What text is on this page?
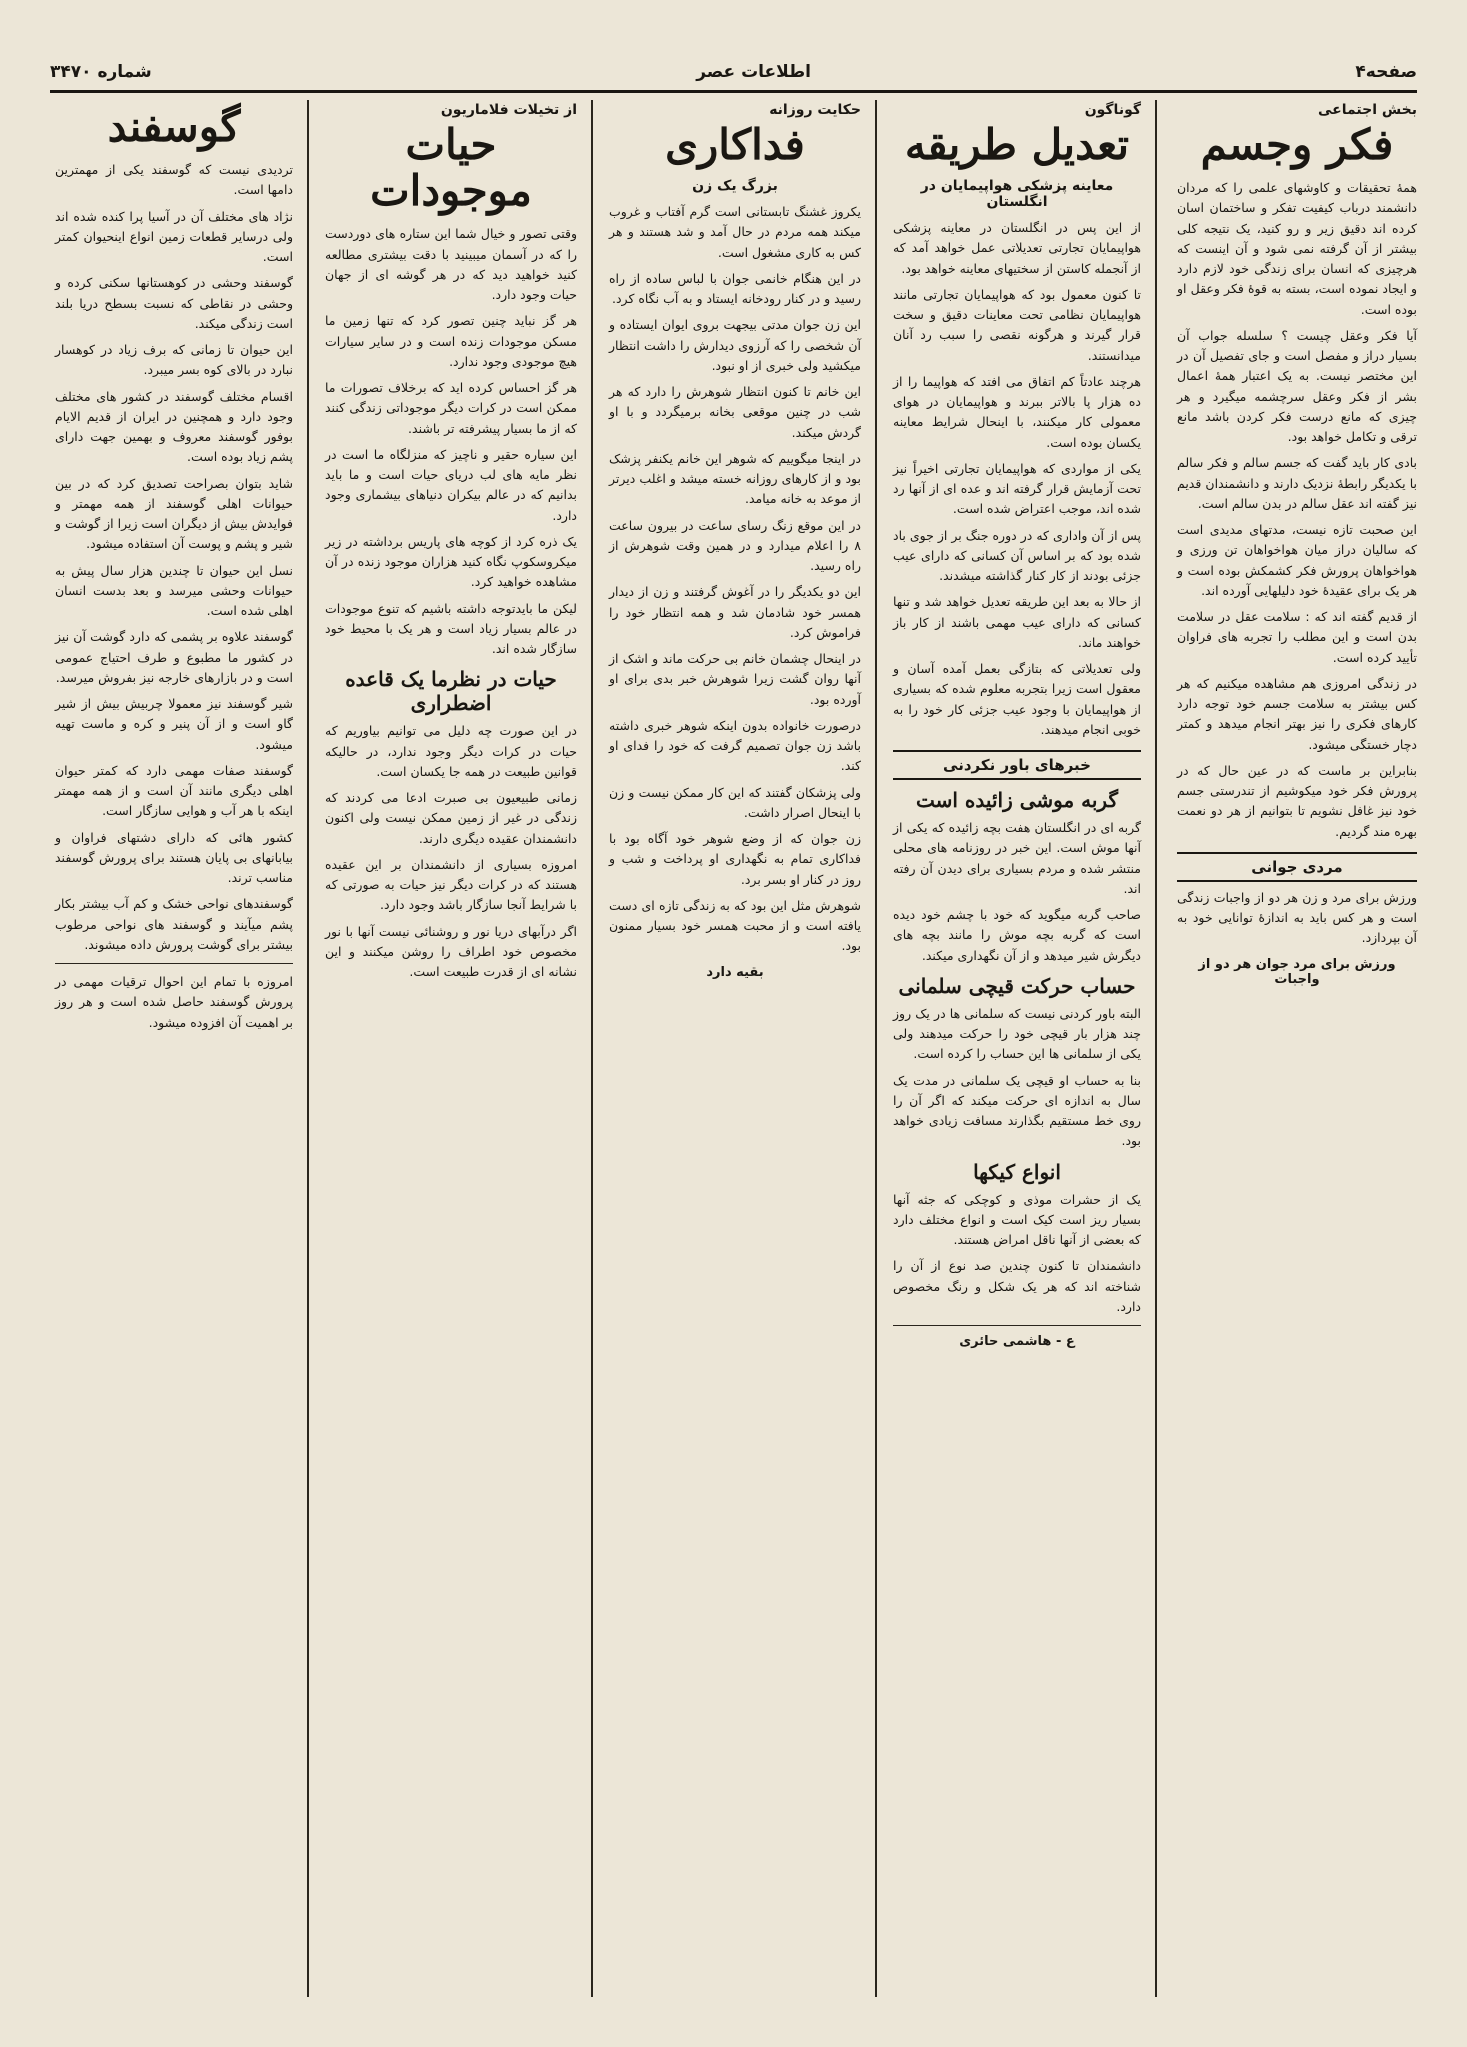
صفحه۴
اطلاعات عصر
شماره ۳۴۷۰
بخش اجتماعی
فکر وجسم

همهٔ تحقیقات و کاوشهای علمی را که مردان دانشمند درباب کیفیت تفکر و ساختمان اسان کرده اند دقیق زیر و رو کنید، یک نتیجه کلی بیشتر از آن گرفته نمی شود و آن اینست که هرچیزی که انسان برای زندگی خود لازم دارد و ایجاد نموده است، بسته به قوهٔ فکر وعقل او بوده است.

آیا فکر وعقل چیست ؟ سلسله جواب آن بسیار دراز و مفصل است و جای تفصیل آن در این مختصر نیست. به یک اعتبار همهٔ اعمال بشر از فکر وعقل سرچشمه میگیرد و هر چیزی که مانع درست فکر کردن باشد مانع ترقی و تکامل خواهد بود.

بادی کار باید گفت که جسم سالم و فکر سالم با یکدیگر رابطهٔ نزدیک دارند و دانشمندان قدیم نیز گفته اند عقل سالم در بدن سالم است.

این صحبت تازه نیست، مدتهای مدیدی است که سالیان دراز میان هواخواهان تن ورزی و هواخواهان پرورش فکر کشمکش بوده است و هر یک برای عقیدهٔ خود دلیلهایی آورده اند.

از قدیم گفته اند که : سلامت عقل در سلامت بدن است و این مطلب را تجربه های فراوان تأیید کرده است.

در زندگی امروزی هم مشاهده میکنیم که هر کس بیشتر به سلامت جسم خود توجه دارد کارهای فکری را نیز بهتر انجام میدهد و کمتر دچار خستگی میشود.

بنابراین بر ماست که در عین حال که در پرورش فکر خود میکوشیم از تندرستی جسم خود نیز غافل نشویم تا بتوانیم از هر دو نعمت بهره مند گردیم.

مردی جوانی

ورزش برای مرد و زن هر دو از واجبات زندگی است و هر کس باید به اندازهٔ توانایی خود به آن بپردازد.

ورزش برای مرد جوان هر دو از واجبات
گوناگون
تعدیل طریقه
معاینه پزشکی هواپیمایان در انگلستان

از این پس در انگلستان در معاینه پزشکی هواپیمایان تجارتی تعدیلاتی عمل خواهد آمد که از آنجمله کاستن از سختیهای معاینه خواهد بود.

تا کنون معمول بود که هواپیمایان تجارتی مانند هواپیمایان نظامی تحت معاینات دقیق و سخت قرار گیرند و هرگونه نقصی را سبب رد آنان میدانستند.

هرچند عادتاً کم اتفاق می افتد که هواپیما را از ده هزار پا بالاتر ببرند و هواپیمایان در هوای معمولی کار میکنند، با اینحال شرایط معاینه یکسان بوده است.

یکی از مواردی که هواپیمایان تجارتی اخیراً نیز تحت آزمایش قرار گرفته اند و عده ای از آنها رد شده اند، موجب اعتراض شده است.

پس از آن واداری که در دوره جنگ بر از جوی باد شده بود که بر اساس آن کسانی که دارای عیب جزئی بودند از کار کنار گذاشته میشدند.

از حالا به بعد این طریقه تعدیل خواهد شد و تنها کسانی که دارای عیب مهمی باشند از کار باز خواهند ماند.

ولی تعدیلاتی که بتازگی بعمل آمده آسان و معقول است زیرا بتجربه معلوم شده که بسیاری از هواپیمایان با وجود عیب جزئی کار خود را به خوبی انجام میدهند.

خبرهای باور نکردنی
گربه موشی زائیده است

گربه ای در انگلستان هفت بچه زائیده که یکی از آنها موش است. این خبر در روزنامه های محلی منتشر شده و مردم بسیاری برای دیدن آن رفته اند.

صاحب گربه میگوید که خود با چشم خود دیده است که گربه بچه موش را مانند بچه های دیگرش شیر میدهد و از آن نگهداری میکند.

حساب حرکت قیچی سلمانی

البته باور کردنی نیست که سلمانی ها در یک روز چند هزار بار قیچی خود را حرکت میدهند ولی یکی از سلمانی ها این حساب را کرده است.

بنا به حساب او قیچی یک سلمانی در مدت یک سال به اندازه ای حرکت میکند که اگر آن را روی خط مستقیم بگذارند مسافت زیادی خواهد بود.

انواع کیکها

یک از حشرات موذی و کوچکی که جثه آنها بسیار ریز است کیک است و انواع مختلف دارد که بعضی از آنها ناقل امراض هستند.

دانشمندان تا کنون چندین صد نوع از آن را شناخته اند که هر یک شکل و رنگ مخصوص دارد.

ع - هاشمی حائری
حکایت روزانه
فداکاری
بزرگ یک زن

یکروز غشنگ تابستانی است گرم آفتاب و غروب میکند همه مردم در حال آمد و شد هستند و هر کس به کاری مشغول است.

در این هنگام خانمی جوان با لباس ساده از راه رسید و در کنار رودخانه ایستاد و به آب نگاه کرد.

این زن جوان مدتی بیجهت بروی ایوان ایستاده و آن شخصی را که آرزوی دیدارش را داشت انتظار میکشید ولی خبری از او نبود.

این خانم تا کنون انتظار شوهرش را دارد که هر شب در چنین موقعی بخانه برمیگردد و با او گردش میکند.

در اینجا میگوییم که شوهر این خانم یکنفر پزشک بود و از کارهای روزانه خسته میشد و اغلب دیرتر از موعد به خانه میامد.

در این موقع زنگ رسای ساعت در بیرون ساعت ۸ را اعلام میدارد و در همین وقت شوهرش از راه رسید.

این دو یکدیگر را در آغوش گرفتند و زن از دیدار همسر خود شادمان شد و همه انتظار خود را فراموش کرد.

در اینحال چشمان خانم بی حرکت ماند و اشک از آنها روان گشت زیرا شوهرش خبر بدی برای او آورده بود.

درصورت خانواده بدون اینکه شوهر خبری داشته باشد زن جوان تصمیم گرفت که خود را فدای او کند.

ولی پزشکان گفتند که این کار ممکن نیست و زن با اینحال اصرار داشت.

زن جوان که از وضع شوهر خود آگاه بود با فداکاری تمام به نگهداری او پرداخت و شب و روز در کنار او بسر برد.

شوهرش مثل این بود که به زندگی تازه ای دست یافته است و از محبت همسر خود بسیار ممنون بود.

بقیه دارد
از تخیلات فلاماریون
حیات موجودات

وقتی تصور و خیال شما این ستاره های دوردست را که در آسمان میبینید با دقت بیشتری مطالعه کنید خواهید دید که در هر گوشه ای از جهان حیات وجود دارد.

هر گز نباید چنین تصور کرد که تنها زمین ما مسکن موجودات زنده است و در سایر سیارات هیچ موجودی وجود ندارد.

هر گز احساس کرده اید که برخلاف تصورات ما ممکن است در کرات دیگر موجوداتی زندگی کنند که از ما بسیار پیشرفته تر باشند.

این سیاره حقیر و ناچیز که منزلگاه ما است در نظر مایه های لب دریای حیات است و ما باید بدانیم که در عالم بیکران دنیاهای بیشماری وجود دارد.

یک ذره کرد از کوچه های پاریس برداشته در زیر میکروسکوپ نگاه کنید هزاران موجود زنده در آن مشاهده خواهید کرد.

لیکن ما بایدتوجه داشته باشیم که تنوع موجودات در عالم بسیار زیاد است و هر یک با محیط خود سازگار شده اند.

حیات در نظرما یک قاعده اضطراری

در این صورت چه دلیل می توانیم بیاوریم که حیات در کرات دیگر وجود ندارد، در حالیکه قوانین طبیعت در همه جا یکسان است.

زمانی طبیعیون بی صبرت ادعا می کردند که زندگی در غیر از زمین ممکن نیست ولی اکنون دانشمندان عقیده دیگری دارند.

امروزه بسیاری از دانشمندان بر این عقیده هستند که در کرات دیگر نیز حیات به صورتی که با شرایط آنجا سازگار باشد وجود دارد.

اگر درآبهای دریا نور و روشنائی نیست آنها با نور مخصوص خود اطراف را روشن میکنند و این نشانه ای از قدرت طبیعت است.

گوسفند

تردیدی نیست که گوسفند یکی از مهمترین دامها است.

نژاد های مختلف آن در آسیا پرا کنده شده اند ولی درسایر قطعات زمین انواع اینحیوان کمتر است.

گوسفند وحشی در کوهستانها سکنی کرده و وحشی در نقاطی که نسبت بسطح دریا بلند است زندگی میکند.

این حیوان تا زمانی که برف زیاد در کوهسار نبارد در بالای کوه بسر میبرد.

اقسام مختلف گوسفند در کشور های مختلف وجود دارد و همچنین در ایران از قدیم الایام بوفور گوسفند معروف و بهمین جهت دارای پشم زیاد بوده است.

شاید بتوان بصراحت تصدیق کرد که در بین حیوانات اهلی گوسفند از همه مهمتر و فوایدش بیش از دیگران است زیرا از گوشت و شیر و پشم و پوست آن استفاده میشود.

نسل این حیوان تا چندین هزار سال پیش به حیوانات وحشی میرسد و بعد بدست انسان اهلی شده است.

گوسفند علاوه بر پشمی که دارد گوشت آن نیز در کشور ما مطبوع و طرف احتیاج عمومی است و در بازارهای خارجه نیز بفروش میرسد.

شیر گوسفند نیز معمولا چربیش بیش از شیر گاو است و از آن پنیر و کره و ماست تهیه میشود.

گوسفند صفات مهمی دارد که کمتر حیوان اهلی دیگری مانند آن است و از همه مهمتر اینکه با هر آب و هوایی سازگار است.

کشور هائی که دارای دشتهای فراوان و بیابانهای بی پایان هستند برای پرورش گوسفند مناسب ترند.

گوسفندهای نواحی خشک و کم آب بیشتر بکار پشم میآیند و گوسفند های نواحی مرطوب بیشتر برای گوشت پرورش داده میشوند.

امروزه با تمام این احوال ترقیات مهمی در پرورش گوسفند حاصل شده است و هر روز بر اهمیت آن افزوده میشود.
